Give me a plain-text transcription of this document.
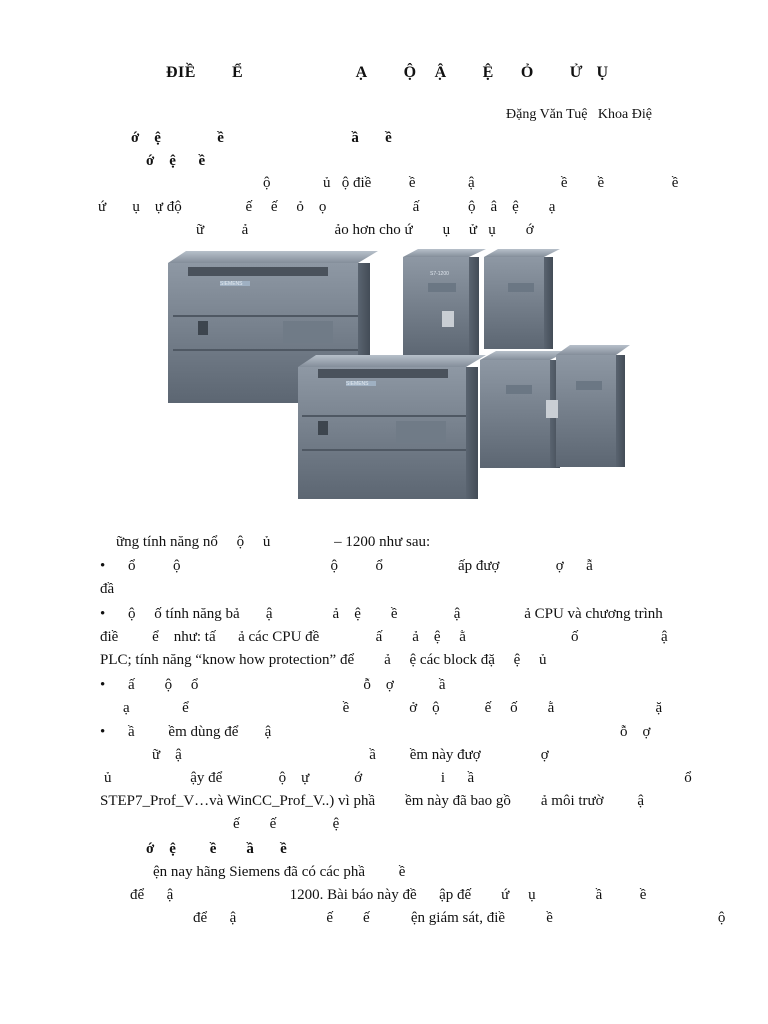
ĐIỀ        Ể                         Ạ        Ộ    Ậ        Ệ      Ỏ        Ử   Ụ
Đặng Văn Tuệ   Khoa Điệ
ớ    ệ               ề                                  ầ       ề
ớ    ệ      ề
ộ              ủ   ộ điề          ề              ậ                       ề        ề                  ề
ứ       ụ    ự độ                 ế     ế     ỏ    ọ                       ấ             ộ    â    ệ        ạ
ữ          ả                       ảo hơn cho ứ        ụ     ử   ụ        ớ
SIEMENS
SIEMENS
S7-1200
ững tính năng nổ     ộ     ủ                 – 1200 như sau:
• ổ          ộ                                        ộ          ổ                    ấp đượ               ợ      ẫ
đầ
• ộ     ố tính năng bả       ậ                ả    ệ        ề               ậ                 ả CPU và chương trình
điề         ể    như: tấ      ả các CPU đề               ấ        ả    ệ     ằ                            ố                      ậ
PLC; tính năng “know how protection” để        ả     ệ các block đặ     ệ     ủ
• ấ        ộ     ổ                                            ỗ    ợ            ầ
ạ              ể                                         ề                ở    ộ            ế     ố        ằ                           ặ
• ầ         ềm dùng để       ậ                                                                                             ỗ    ợ
ữ    ậ                                                  ầ         ềm này đượ                ợ
ủ                     ậy để               ộ    ự            ớ                     i      ầ                                                        ổ
STEP7_Prof_V…và WinCC_Prof_V..) vì phầ        ềm này đã bao gồ        ả môi trườ         ậ
ế        ế               ệ
ớ    ệ         ề        ầ       ề
ện nay hãng Siemens đã có các phầ         ề
để      ậ                               1200. Bài báo này đề      ập đế        ứ     ụ                ầ          ề
để      ậ                        ế        ế           ện giám sát, điề           ề                                            ộ
